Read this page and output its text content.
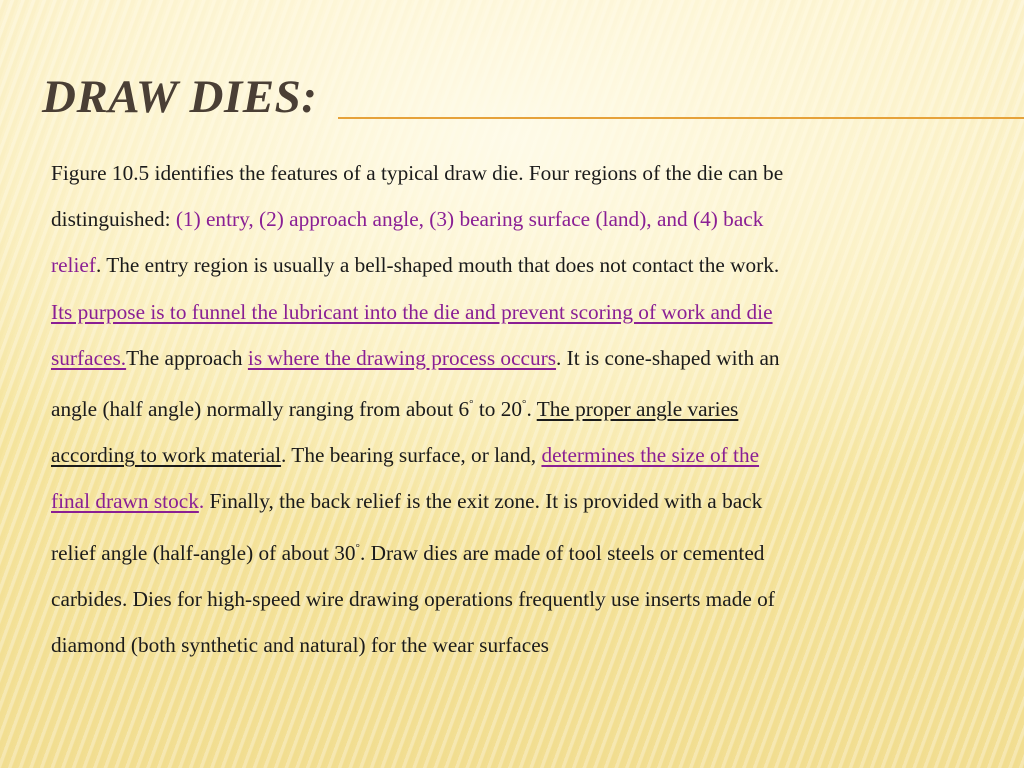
DRAW DIES:
Figure 10.5 identifies the features of a typical draw die. Four regions of the die can be
distinguished: (1) entry, (2) approach angle, (3) bearing surface (land), and (4) back
relief. The entry region is usually a bell-shaped mouth that does not contact the work.
Its purpose is to funnel the lubricant into the die and prevent scoring of work and die
surfaces.The approach is where the drawing process occurs. It is cone-shaped with an
angle (half angle) normally ranging from about 6° to 20°. The proper angle varies
according to work material. The bearing surface, or land, determines the size of the
final drawn stock. Finally, the back relief is the exit zone. It is provided with a back
relief angle (half-angle) of about 30°. Draw dies are made of tool steels or cemented
carbides. Dies for high-speed wire drawing operations frequently use inserts made of
diamond (both synthetic and natural) for the wear surfaces
